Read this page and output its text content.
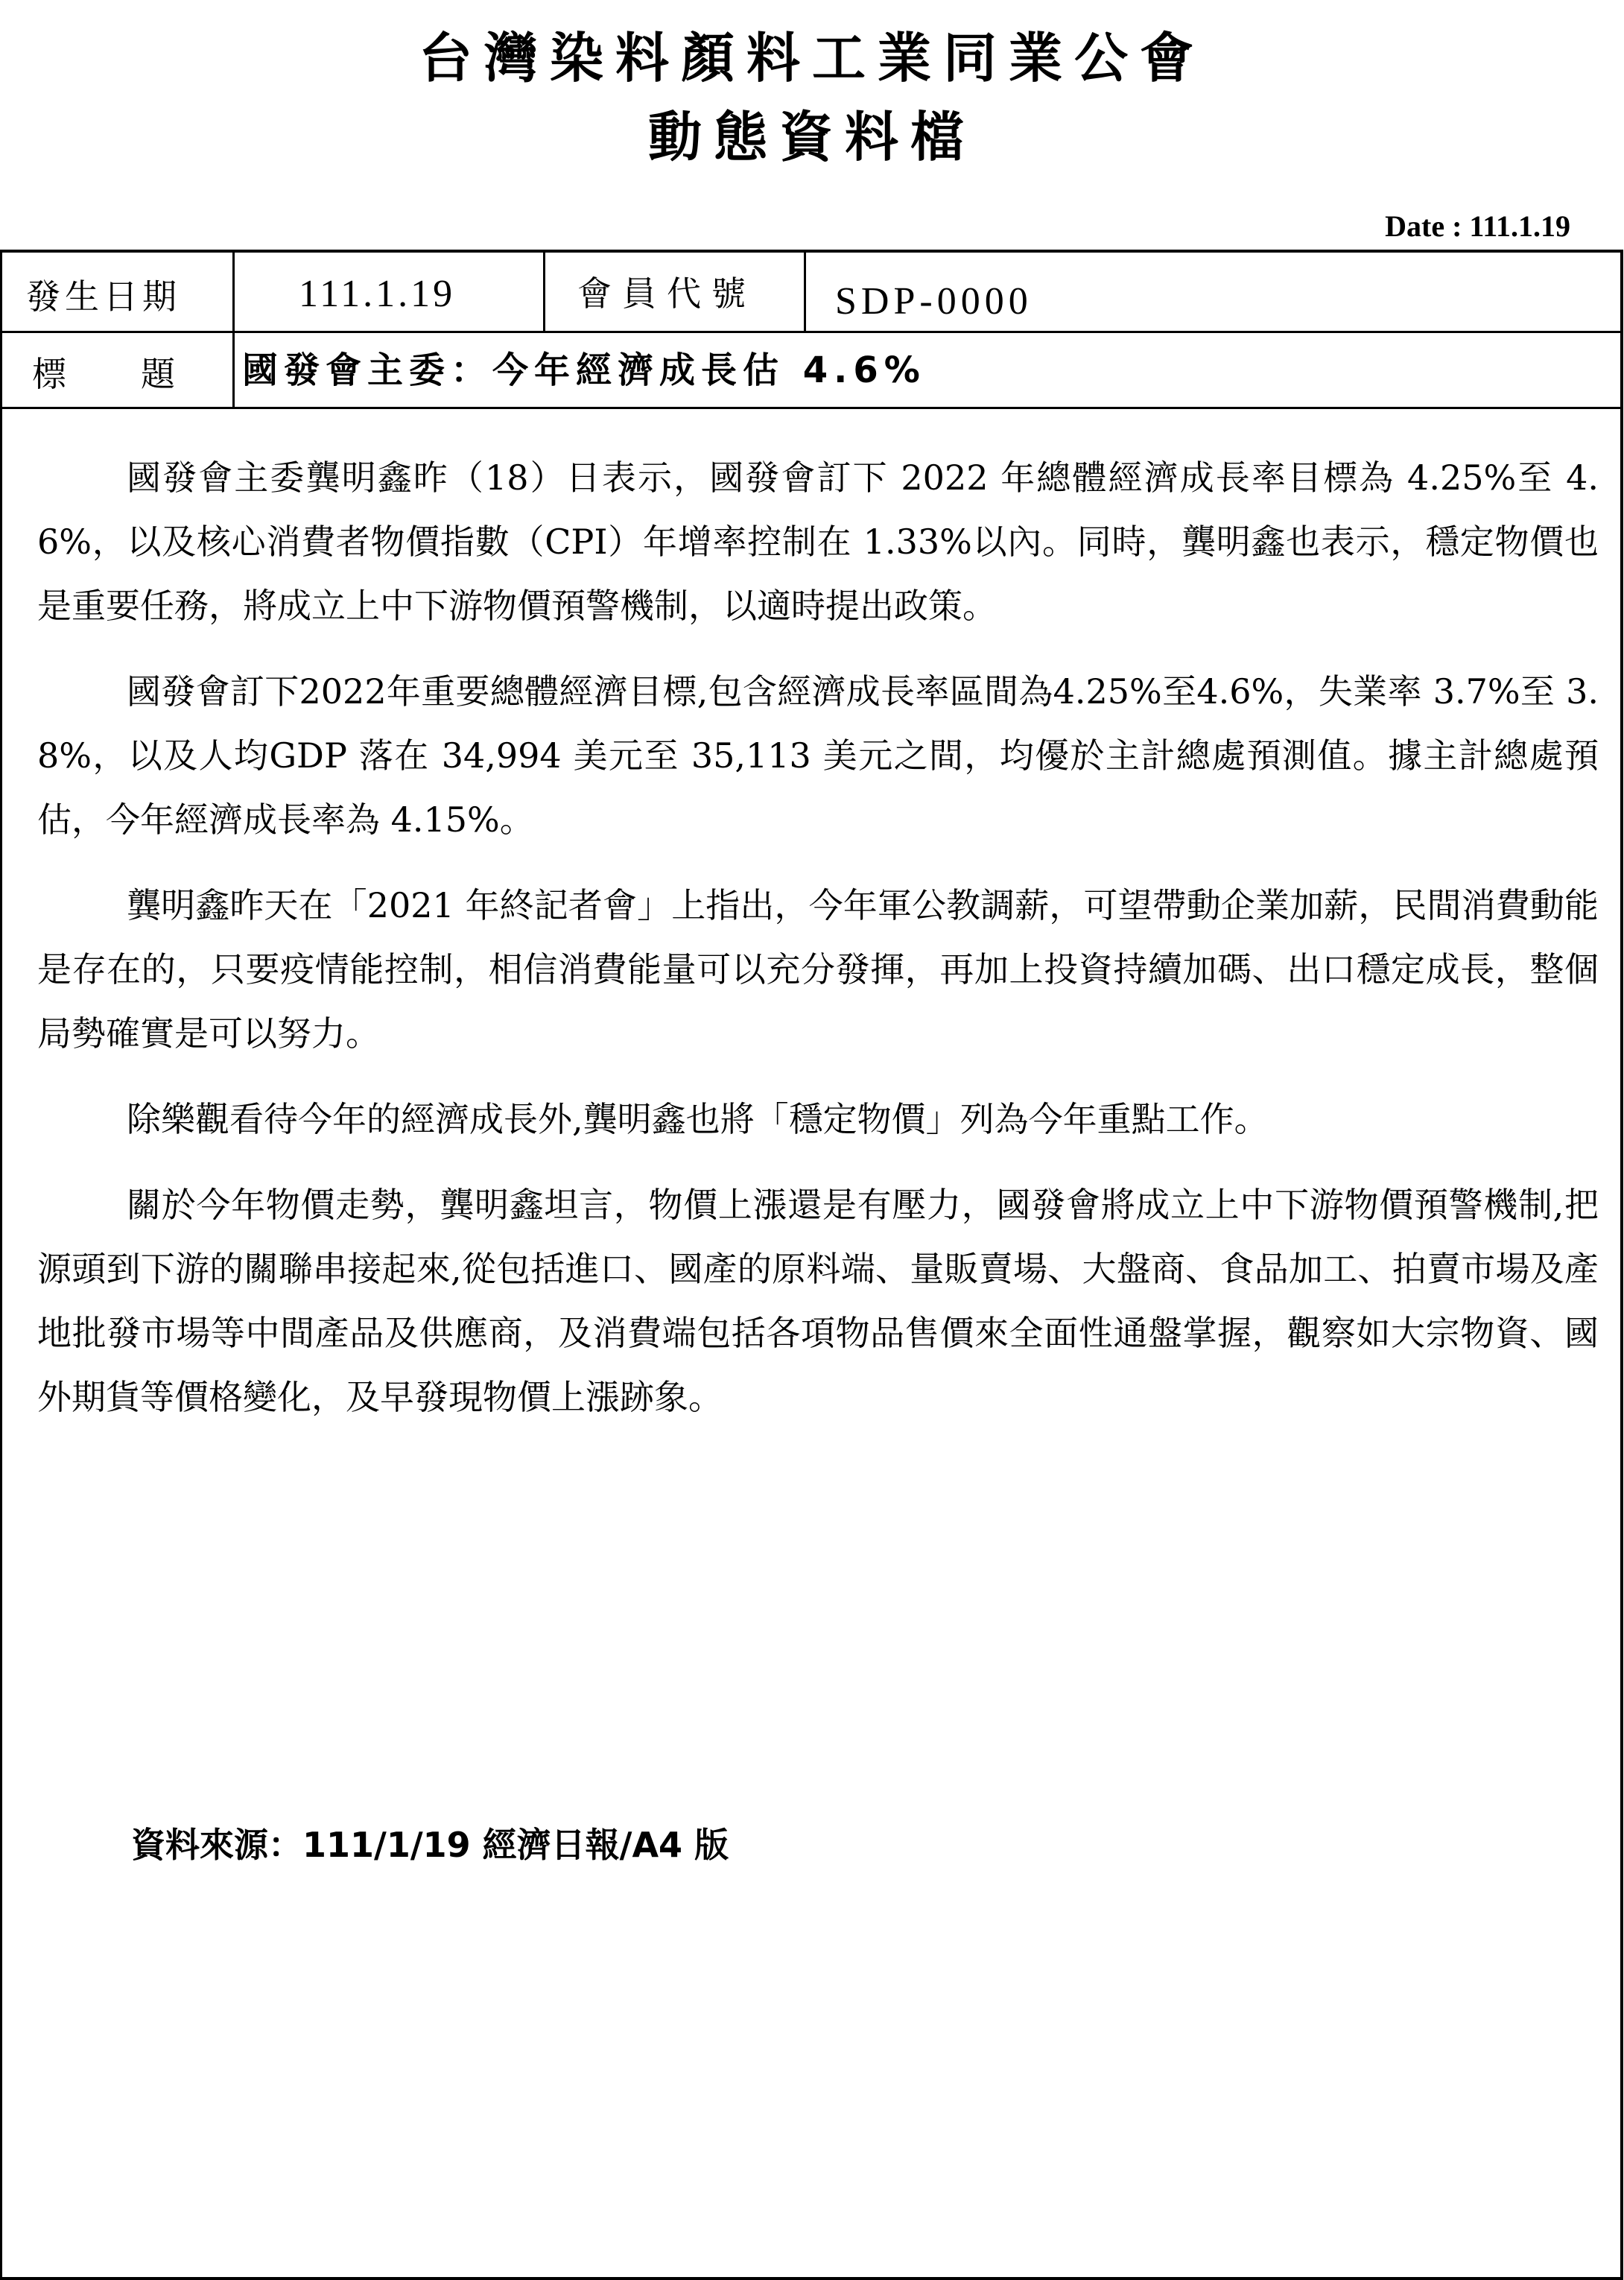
台灣染料顏料工業同業公會
動態資料檔
Date : 111.1.19
發生日期	111.1.19	會員代號 SDP-0000
標 題 國發會主委：今年經濟成長估 4.6%

國發會主委龔明鑫昨（18）日表示，國發會訂下 2022 年總體經濟成長率目標為 4.25%至 4.6%，以及核心消費者物價指數（CPI）年增率控制在 1.33%以內。同時，龔明鑫也表示，穩定物價也是重要任務，將成立上中下游物價預警機制，以適時提出政策。

國發會訂下2022年重要總體經濟目標,包含經濟成長率區間為4.25%至4.6%，失業率 3.7%至 3.8%，以及人均GDP 落在 34,994 美元至 35,113 美元之間，均優於主計總處預測值。據主計總處預估，今年經濟成長率為 4.15%。

龔明鑫昨天在「2021 年終記者會」上指出，今年軍公教調薪，可望帶動企業加薪，民間消費動能是存在的，只要疫情能控制，相信消費能量可以充分發揮，再加上投資持續加碼、出口穩定成長，整個局勢確實是可以努力。

除樂觀看待今年的經濟成長外,龔明鑫也將「穩定物價」列為今年重點工作。

關於今年物價走勢，龔明鑫坦言，物價上漲還是有壓力，國發會將成立上中下游物價預警機制,把源頭到下游的關聯串接起來,從包括進口、國產的原料端、量販賣場、大盤商、食品加工、拍賣市場及產地批發市場等中間產品及供應商，及消費端包括各項物品售價來全面性通盤掌握，觀察如大宗物資、國外期貨等價格變化，及早發現物價上漲跡象。

資料來源：111/1/19 經濟日報/A4 版
